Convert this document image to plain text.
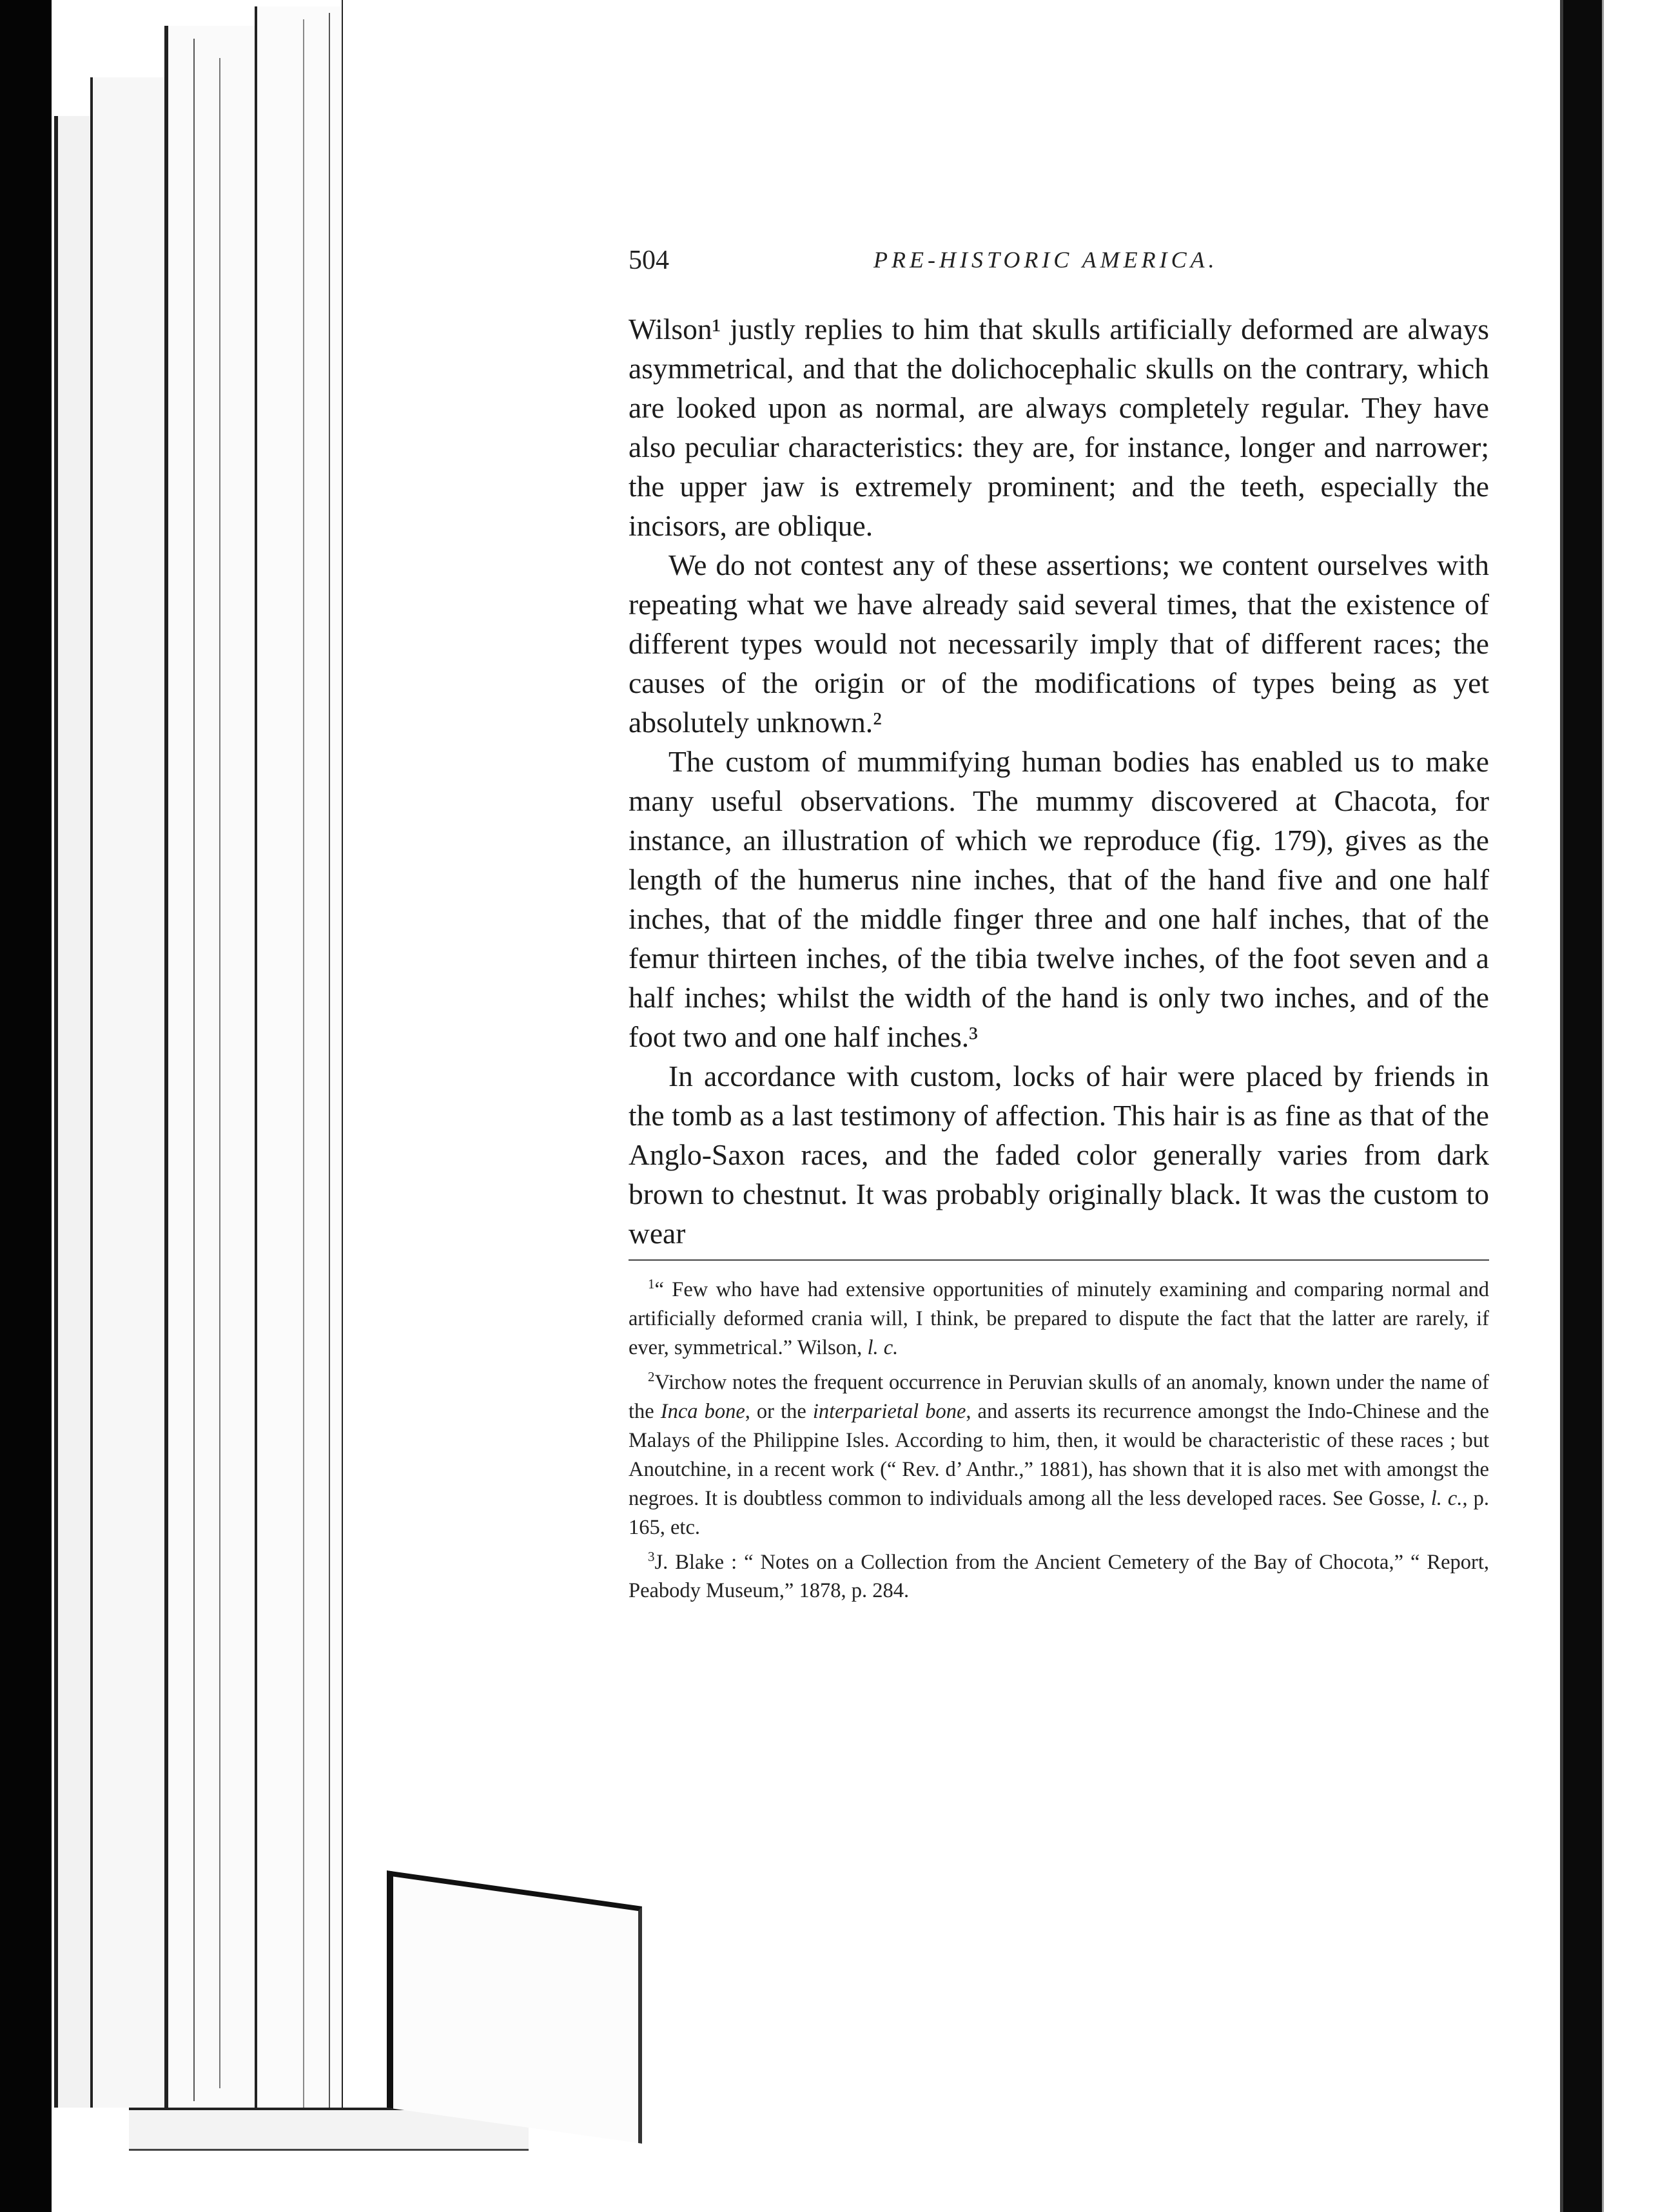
504	PRE-HISTORIC AMERICA.

Wilson¹ justly replies to him that skulls artificially deformed are always asymmetrical, and that the dolichocephalic skulls on the contrary, which are looked upon as normal, are always completely regular. They have also peculiar characteristics: they are, for instance, longer and narrower; the upper jaw is extremely prominent; and the teeth, especially the incisors, are oblique.

We do not contest any of these assertions; we content ourselves with repeating what we have already said several times, that the existence of different types would not necessarily imply that of different races; the causes of the origin or of the modifications of types being as yet absolutely unknown.²

The custom of mummifying human bodies has enabled us to make many useful observations. The mummy discovered at Chacota, for instance, an illustration of which we reproduce (fig. 179), gives as the length of the humerus nine inches, that of the hand five and one half inches, that of the middle finger three and one half inches, that of the femur thirteen inches, of the tibia twelve inches, of the foot seven and a half inches; whilst the width of the hand is only two inches, and of the foot two and one half inches.³

In accordance with custom, locks of hair were placed by friends in the tomb as a last testimony of affection. This hair is as fine as that of the Anglo-Saxon races, and the faded color generally varies from dark brown to chestnut. It was probably originally black. It was the custom to wear

$^1$“ Few who have had extensive opportunities of minutely examining and comparing normal and artificially deformed crania will, I think, be prepared to dispute the fact that the latter are rarely, if ever, symmetrical.” Wilson, l. c.

$^2$Virchow notes the frequent occurrence in Peruvian skulls of an anomaly, known under the name of the Inca bone, or the interparietal bone, and asserts its recurrence amongst the Indo-Chinese and the Malays of the Philippine Isles. According to him, then, it would be characteristic of these races ; but Anoutchine, in a recent work (“ Rev. d’ Anthr.,” 1881), has shown that it is also met with amongst the negroes. It is doubtless common to individuals among all the less developed races. See Gosse, l. c., p. 165, etc.

$^3$J. Blake : “ Notes on a Collection from the Ancient Cemetery of the Bay of Chocota,” “ Report, Peabody Museum,” 1878, p. 284.
